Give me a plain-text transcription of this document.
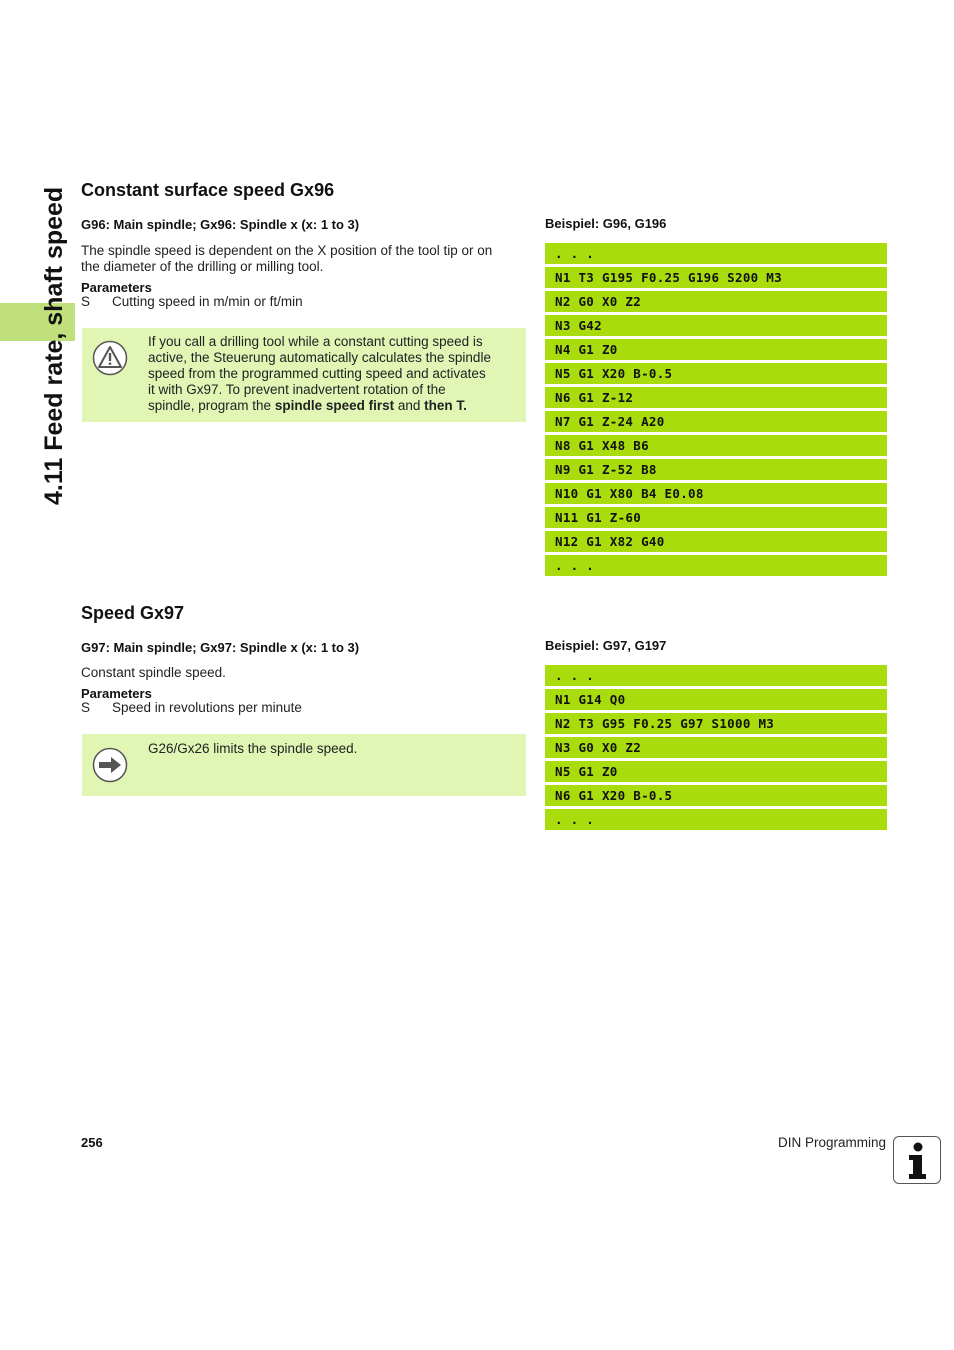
4.11 Feed rate, shaft speed Constant surface speed Gx96
G96: Main spindle; Gx96: Spindle x (x: 1 to 3)
The spindle speed is dependent on the X position of the tool tip or on
the diameter of the drilling or milling tool.
Parameters
S Cutting speed in m/min or ft/min
If you call a drilling tool while a constant cutting speed is
active, the Steuerung automatically calculates the spindle
speed from the programmed cutting speed and activates
it with Gx97. To prevent inadvertent rotation of the
spindle, program the spindle speed first and then T.
Beispiel: G96, G196
. . .
N1 T3 G195 F0.25 G196 S200 M3
N2 G0 X0 Z2
N3 G42
N4 G1 Z0
N5 G1 X20 B-0.5
N6 G1 Z-12
N7 G1 Z-24 A20
N8 G1 X48 B6
N9 G1 Z-52 B8
N10 G1 X80 B4 E0.08
N11 G1 Z-60
N12 G1 X82 G40
. . .
Speed Gx97
G97: Main spindle; Gx97: Spindle x (x: 1 to 3)
Constant spindle speed.
Parameters
S Speed in revolutions per minute
G26/Gx26 limits the spindle speed.
Beispiel: G97, G197
. . .
N1 G14 Q0
N2 T3 G95 F0.25 G97 S1000 M3
N3 G0 X0 Z2
N5 G1 Z0
N6 G1 X20 B-0.5
. . .
256	DIN Programming
